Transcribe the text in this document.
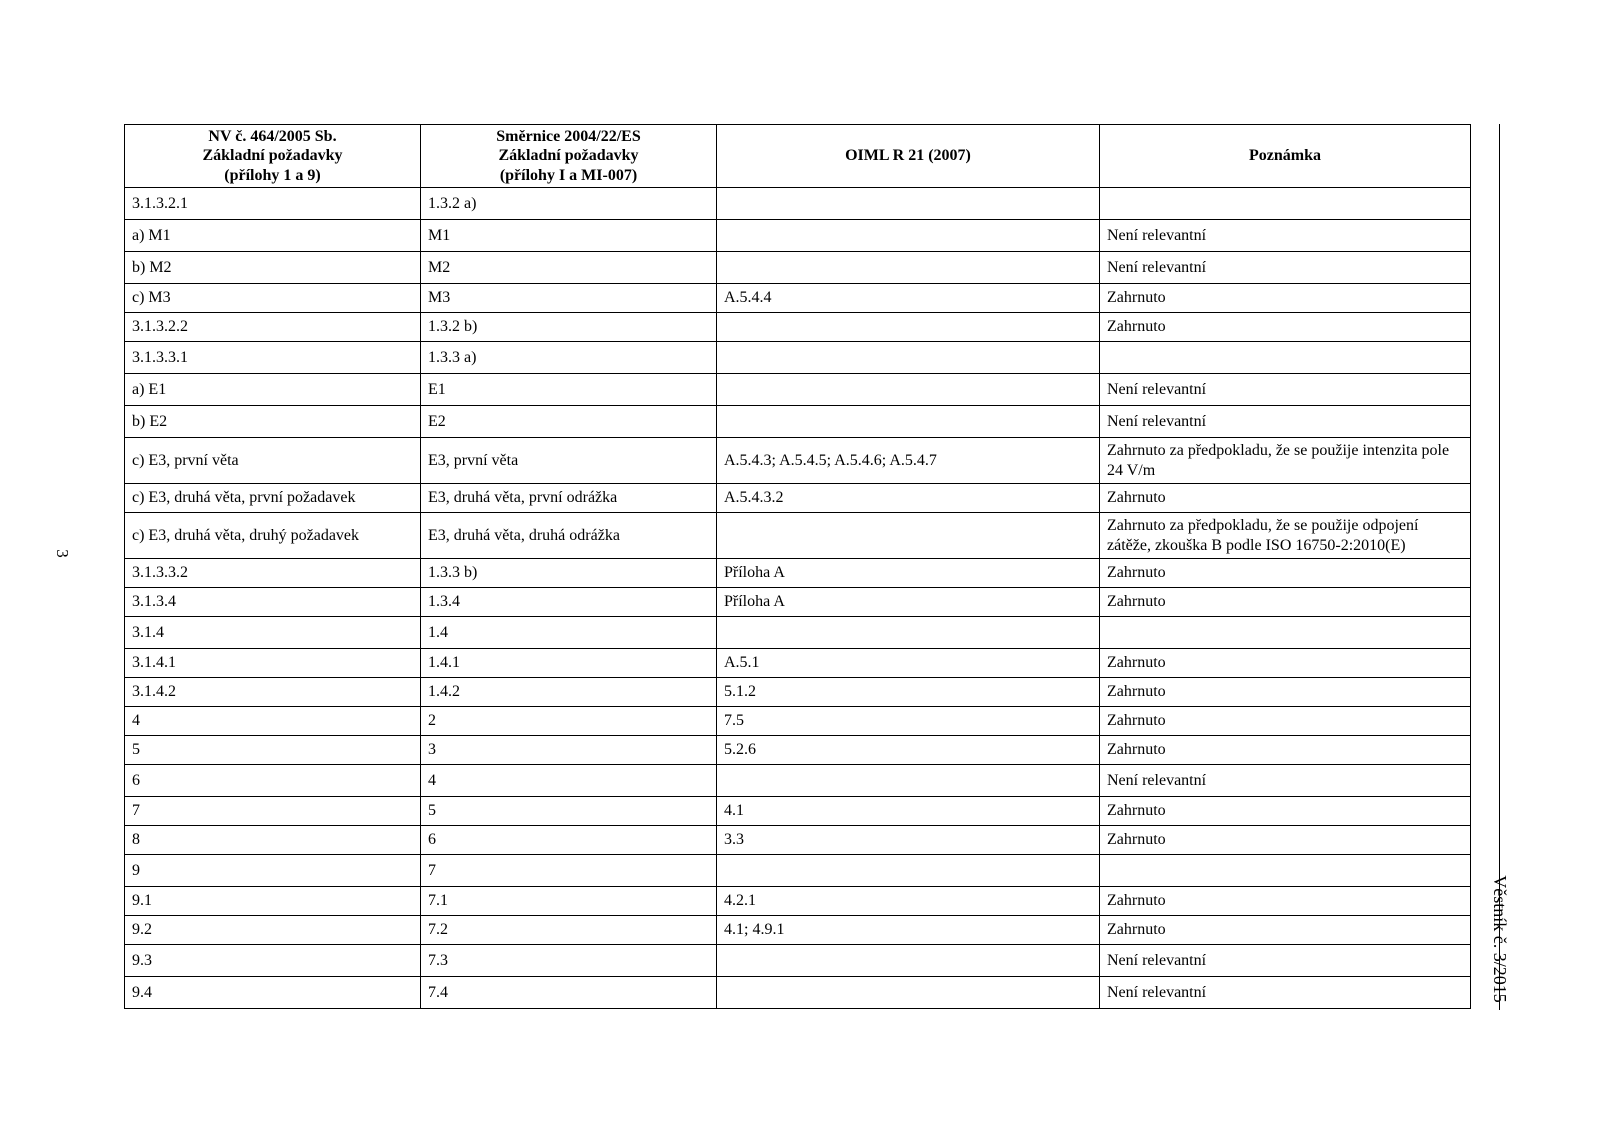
3
Věstník č. 3/2015
NV č. 464/2005 Sb.
Základní požadavky
(přílohy 1 a 9)	Směrnice 2004/22/ES
Základní požadavky
(přílohy I a MI-007)	OIML R 21 (2007)	Poznámka

3.1.3.2.1	1.3.2 a)		
a) M1	M1		Není relevantní
b) M2	M2		Není relevantní
c) M3	M3	A.5.4.4	Zahrnuto
3.1.3.2.2	1.3.2 b)		Zahrnuto
3.1.3.3.1	1.3.3 a)		
a) E1	E1		Není relevantní
b) E2	E2		Není relevantní
c) E3, první věta	E3, první věta	A.5.4.3; A.5.4.5; A.5.4.6; A.5.4.7	Zahrnuto za předpokladu, že se použije intenzita pole 24 V/m
c) E3, druhá věta, první požadavek	E3, druhá věta, první odrážka	A.5.4.3.2	Zahrnuto
c) E3, druhá věta, druhý požadavek	E3, druhá věta, druhá odrážka		Zahrnuto za předpokladu, že se použije odpojení zátěže, zkouška B podle ISO 16750-2:2010(E)
3.1.3.3.2	1.3.3 b)	Příloha A	Zahrnuto
3.1.3.4	1.3.4	Příloha A	Zahrnuto
3.1.4	1.4		
3.1.4.1	1.4.1	A.5.1	Zahrnuto
3.1.4.2	1.4.2	5.1.2	Zahrnuto
4	2	7.5	Zahrnuto
5	3	5.2.6	Zahrnuto
6	4		Není relevantní
7	5	4.1	Zahrnuto
8	6	3.3	Zahrnuto
9	7		
9.1	7.1	4.2.1	Zahrnuto
9.2	7.2	4.1; 4.9.1	Zahrnuto
9.3	7.3		Není relevantní
9.4	7.4		Není relevantní
